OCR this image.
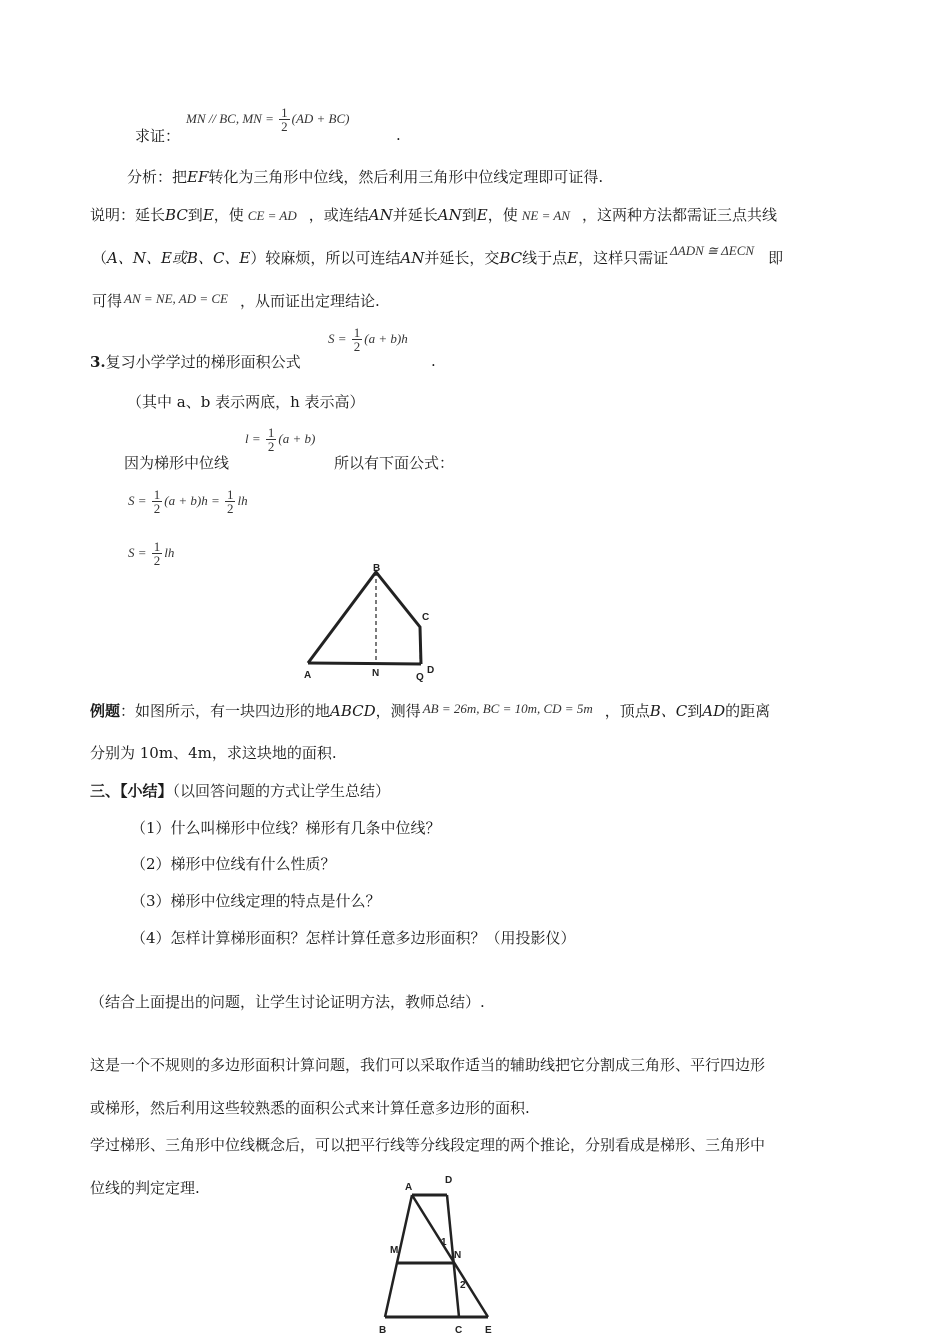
求证：
MN // BC, MN = $\frac{1}{2} (AD + BC)$
.
分析：把EF转化为三角形中位线，然后利用三角形中位线定理即可证得.
说明：延长BC到E，使 CE = AD ，或连结AN并延长AN到E，使 NE = AN ，这两种方法都需证三点共线
（A、N、E或B、C、E）较麻烦，所以可连结AN并延长，交BC线于点E，这样只需证 ΔADN ≅ ΔECN 即
可得 AN = NE, AD = CE ，从而证出定理结论.
3.复习小学学过的梯形面积公式
$S = \frac{1}{2} (a + b)h$
.
（其中 a、b 表示两底，h 表示高）
因为梯形中位线
$l = \frac{1}{2} (a + b)$
所以有下面公式：
$S = \frac{1}{2} (a + b)h = \frac{1}{2}$ lh
$S = \frac{1}{2}$ lh
B
C
A	N	Q
D
例题：如图所示，有一块四边形的地ABCD，测得 AB = 26m, BC = 10m, CD = 5m ，顶点B、C到AD的距离
分别为 10m、4m，求这块地的面积.
三、【小结】（以回答问题的方式让学生总结）
（1）什么叫梯形中位线？梯形有几条中位线？
（2）梯形中位线有什么性质？
（3）梯形中位线定理的特点是什么？
（4）怎样计算梯形面积？怎样计算任意多边形面积？（用投影仪）
（结合上面提出的问题，让学生讨论证明方法，教师总结）.
这是一个不规则的多边形面积计算问题，我们可以采取作适当的辅助线把它分割成三角形、平行四边形
或梯形，然后利用这些较熟悉的面积公式来计算任意多边形的面积.
学过梯形、三角形中位线概念后，可以把平行线等分线段定理的两个推论，分别看成是梯形、三角形中
位线的判定定理.	A
D
M	N
1
2
B	C E
